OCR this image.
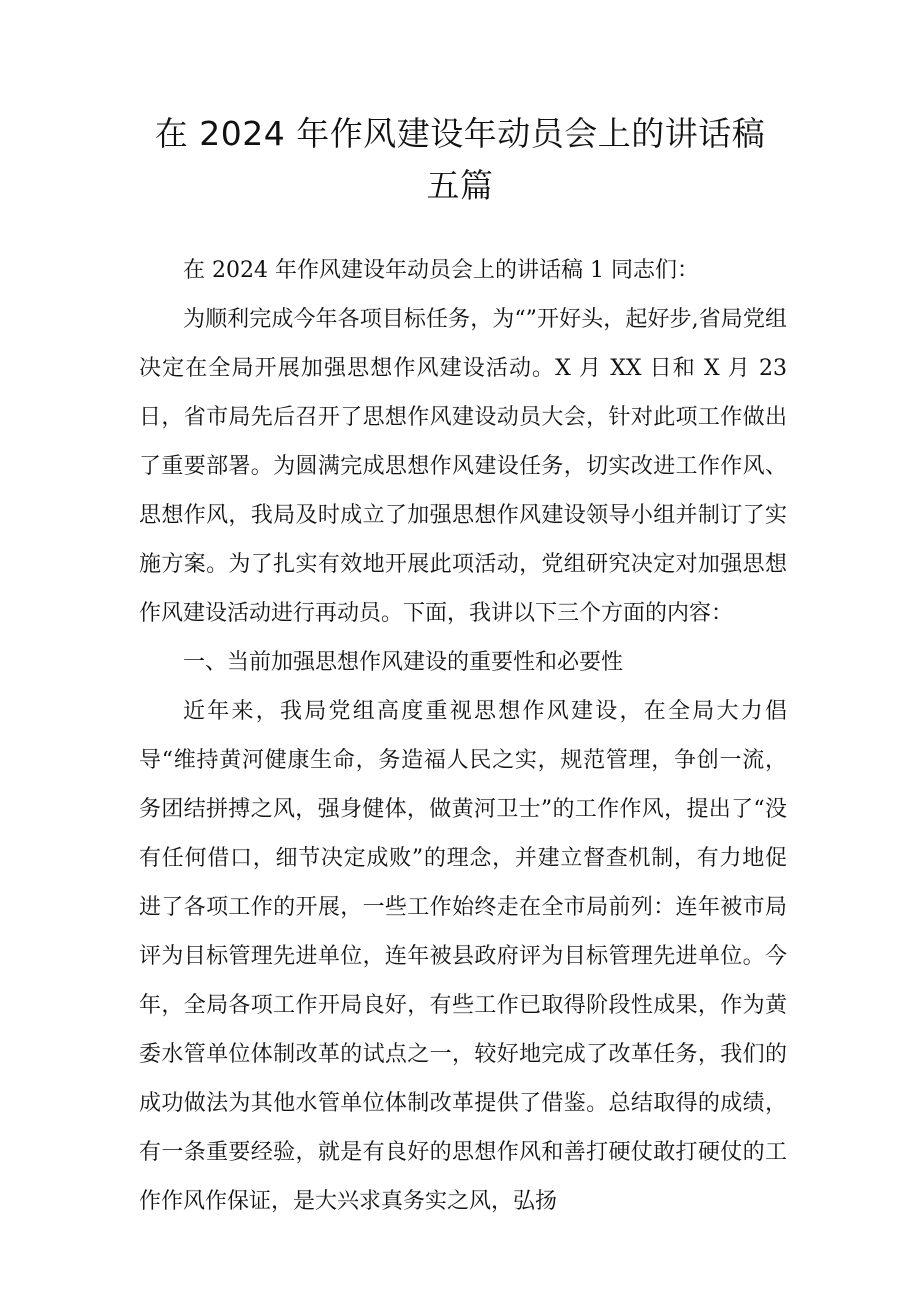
在 2024 年作风建设年动员会上的讲话稿五篇

在 2024 年作风建设年动员会上的讲话稿 1 同志们：

为顺利完成今年各项目标任务，为“”开好头，起好步,省局党组决定在全局开展加强思想作风建设活动。X 月 XX 日和 X 月 23 日，省市局先后召开了思想作风建设动员大会，针对此项工作做出了重要部署。为圆满完成思想作风建设任务，切实改进工作作风、思想作风，我局及时成立了加强思想作风建设领导小组并制订了实施方案。为了扎实有效地开展此项活动，党组研究决定对加强思想作风建设活动进行再动员。下面，我讲以下三个方面的内容：

一、当前加强思想作风建设的重要性和必要性

近年来，我局党组高度重视思想作风建设，在全局大力倡导“维持黄河健康生命，务造福人民之实，规范管理，争创一流，务团结拼搏之风，强身健体，做黄河卫士”的工作作风，提出了“没有任何借口，细节决定成败”的理念，并建立督查机制，有力地促进了各项工作的开展，一些工作始终走在全市局前列：连年被市局评为目标管理先进单位，连年被县政府评为目标管理先进单位。今年，全局各项工作开局良好，有些工作已取得阶段性成果，作为黄委水管单位体制改革的试点之一，较好地完成了改革任务，我们的成功做法为其他水管单位体制改革提供了借鉴。总结取得的成绩，有一条重要经验，就是有良好的思想作风和善打硬仗敢打硬仗的工作作风作保证，是大兴求真务实之风，弘扬
